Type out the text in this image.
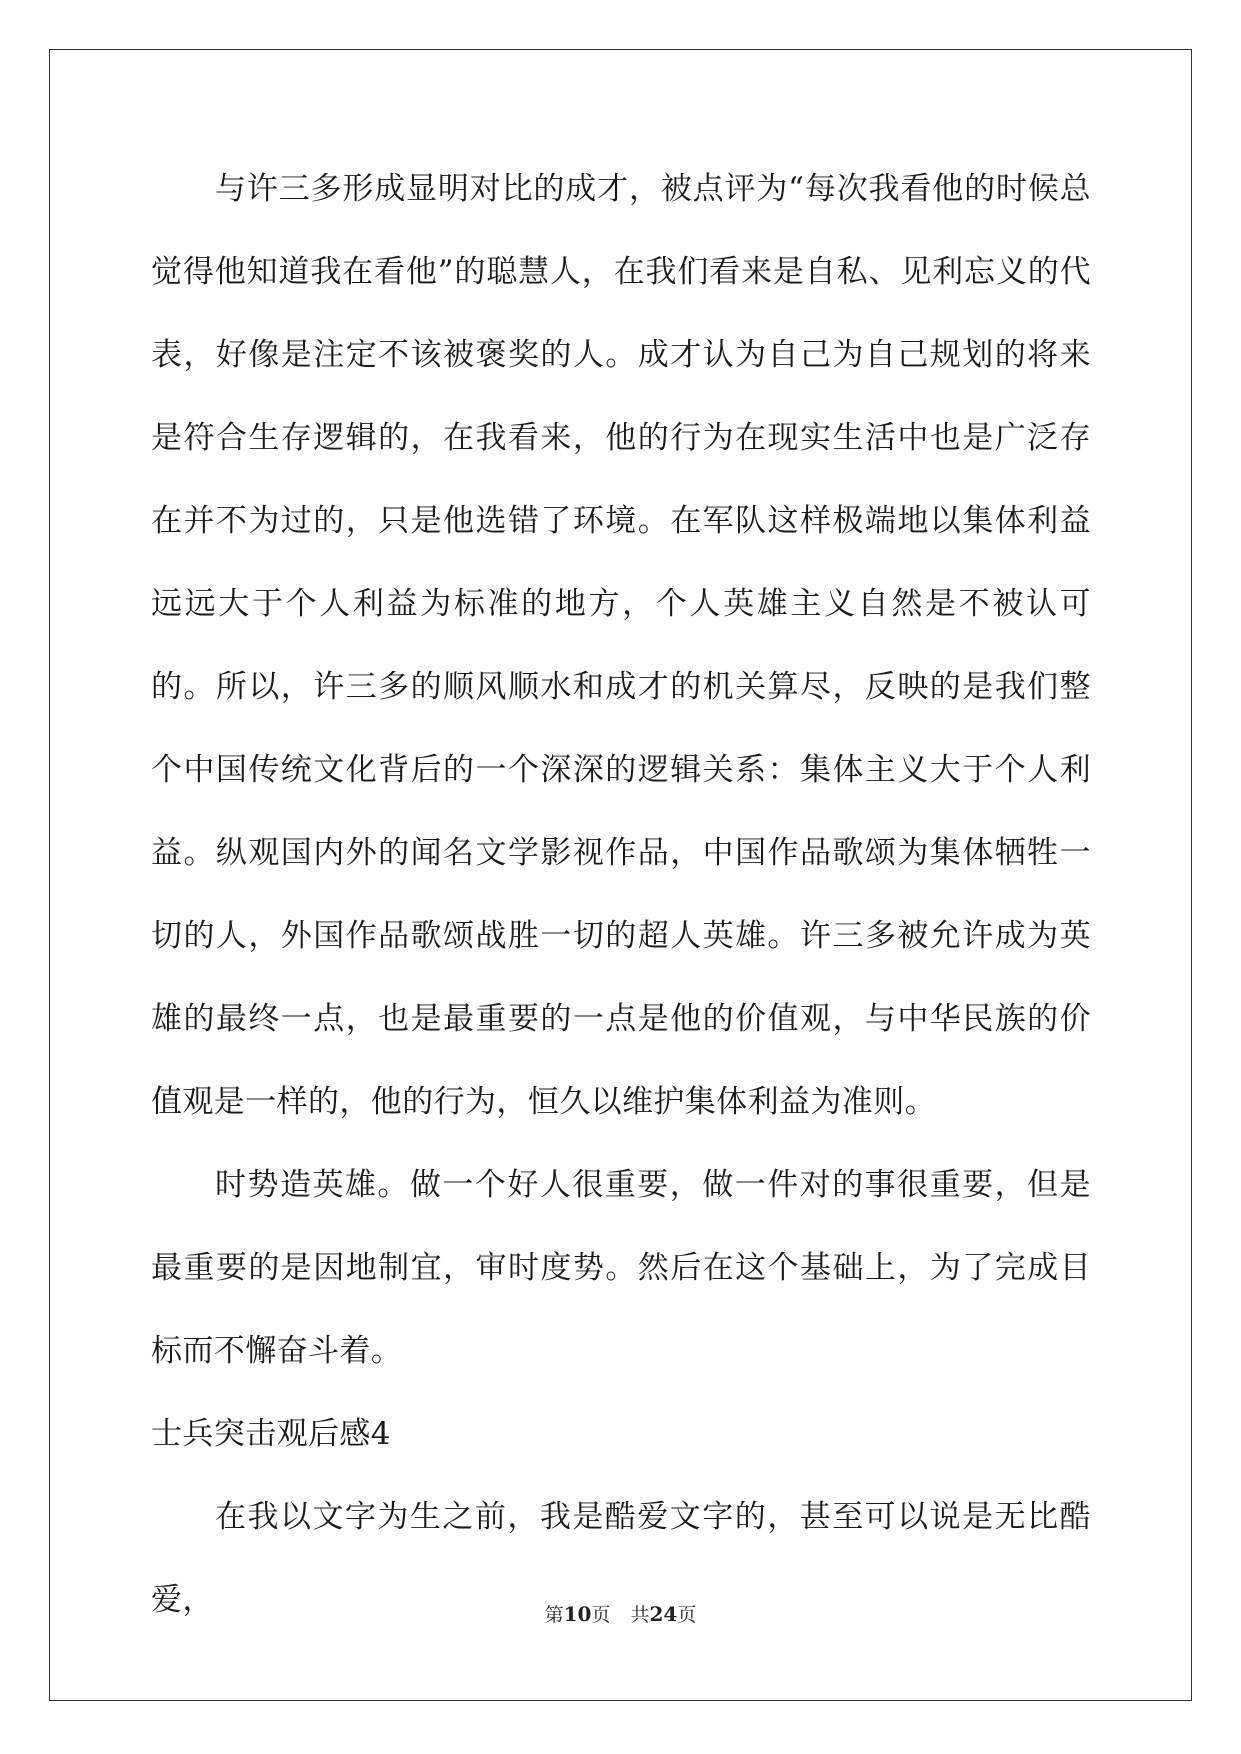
与许三多形成显明对比的成才，被点评为“每次我看他的时候总觉得他知道我在看他”的聪慧人，在我们看来是自私、见利忘义的代表，好像是注定不该被褒奖的人。成才认为自己为自己规划的将来是符合生存逻辑的，在我看来，他的行为在现实生活中也是广泛存在并不为过的，只是他选错了环境。在军队这样极端地以集体利益远远大于个人利益为标准的地方，个人英雄主义自然是不被认可的。所以，许三多的顺风顺水和成才的机关算尽，反映的是我们整个中国传统文化背后的一个深深的逻辑关系：集体主义大于个人利益。纵观国内外的闻名文学影视作品，中国作品歌颂为集体牺牲一切的人，外国作品歌颂战胜一切的超人英雄。许三多被允许成为英雄的最终一点，也是最重要的一点是他的价值观，与中华民族的价值观是一样的，他的行为，恒久以维护集体利益为准则。

时势造英雄。做一个好人很重要，做一件对的事很重要，但是最重要的是因地制宜，审时度势。然后在这个基础上，为了完成目标而不懈奋斗着。

士兵突击观后感4

在我以文字为生之前，我是酷爱文字的，甚至可以说是无比酷爱，	第10页 共24页
